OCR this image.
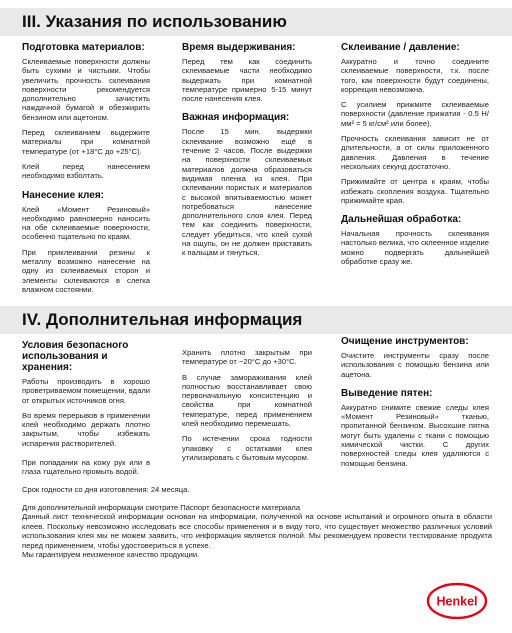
III. Указания по использованию
Подготовка материалов:

Склеиваемые поверхности должны быть сухими и чистыми. Чтобы увеличить прочность склеивания поверхности рекомендуется дополнительно зачистить наждачной бумагой и обезжирить бензином или ацетоном.

Перед склеиванием выдержите материалы при комнатной температуре (от +18°С до +25°С).

Клей перед нанесением необходимо взболтать.

Нанесение клея:

Клей «Момент Резиновый» необходимо равномерно наносить на обе склеиваемые поверхности, особенно тщательно по краям.

При приклеивании резины к металлу возможно нанесение на одну из склеиваемых сторон и элементы склеиваются в слегка влажном состоянии.

Время выдерживания:

Перед тем как соединить склеиваемые части необходимо выдержать при комнатной температуре примерно 5-15 минут после нанесения клея.

Важная информация:

После 15 мин. выдержки склеивание возможно ещё в течение 2 часов. После выдержки на поверхности склеиваемых материалов должна образоваться видимая пленка из клея. При склеивании пористых и материалов с высокой впитываемостью может потребоваться нанесение дополнительного слоя клея. Перед тем как соединить поверхности, следует убедиться, что клей сухой на ощупь, он не должен приставать к пальцам и тянуться.

Склеивание / давление:

Аккуратно и точно соедините склеиваемые поверхности, т.к. после того, как поверхности будут соединены, коррекция невозможна.

С усилием прижмите склеиваемые поверхности (давление прижатия - 0.5 Н/мм² = 5 кг/см² или более).

Прочность склеивания зависит не от длительности, а от силы приложенного давления. Давления в течение нескольких секунд достаточно.

Прижимайте от центра к краям, чтобы избежать скопления воздуха. Тщательно прижимайте края.

Дальнейшая обработка:

Начальная прочность склеивания настолько велика, что склеенное изделие можно подвергать дальнейшей обработке сразу же.

IV. Дополнительная информация
Условия безопасного использования и хранения:

Работы производить в хорошо проветриваемом помещении, вдали от открытых источников огня.

Во время перерывов в применении клей необходимо держать плотно закрытым, чтобы избежать испарения растворителей.

При попадании на кожу рук или в глаза тщательно промыть водой.

Хранить плотно закрытым при температуре от −20°С до +30°С.

В случае замораживания клей полностью восстанавливает свою первоначальную консистенцию и свойства при комнатной температуре, перед применением клей необходимо перемешать.

По истечении срока годности упаковку с остатками клея утилизировать с бытовым мусором.

Очищение инструментов:

Очистите инструменты сразу после использования с помощью бензина или ацетона.

Выведение пятен:

Аккуратно снимите свежие следы клея «Момент Резиновый» тканью, пропитанной бензином. Высохшие пятна могут быть удалены с ткани с помощью химической чистки. С других поверхностей следы клея удаляются с помощью бензина.

Срок годности со дня изготовления: 24 месяца.

Для дополнительной информации смотрите Паспорт безопасности материала

Данный лист технической информации основан на информации, полученной на основе испытаний и огромного опыта в области клеев. Поскольку невозможно исследовать все способы применения и в виду того, что существует множество различных условий использования клея мы не можем заявить, что информация является полной. Мы рекомендуем провести тестирование продукта перед применением, чтобы удостовериться в успехе.

Мы гарантируем неизменное качество продукции.

Henkel
